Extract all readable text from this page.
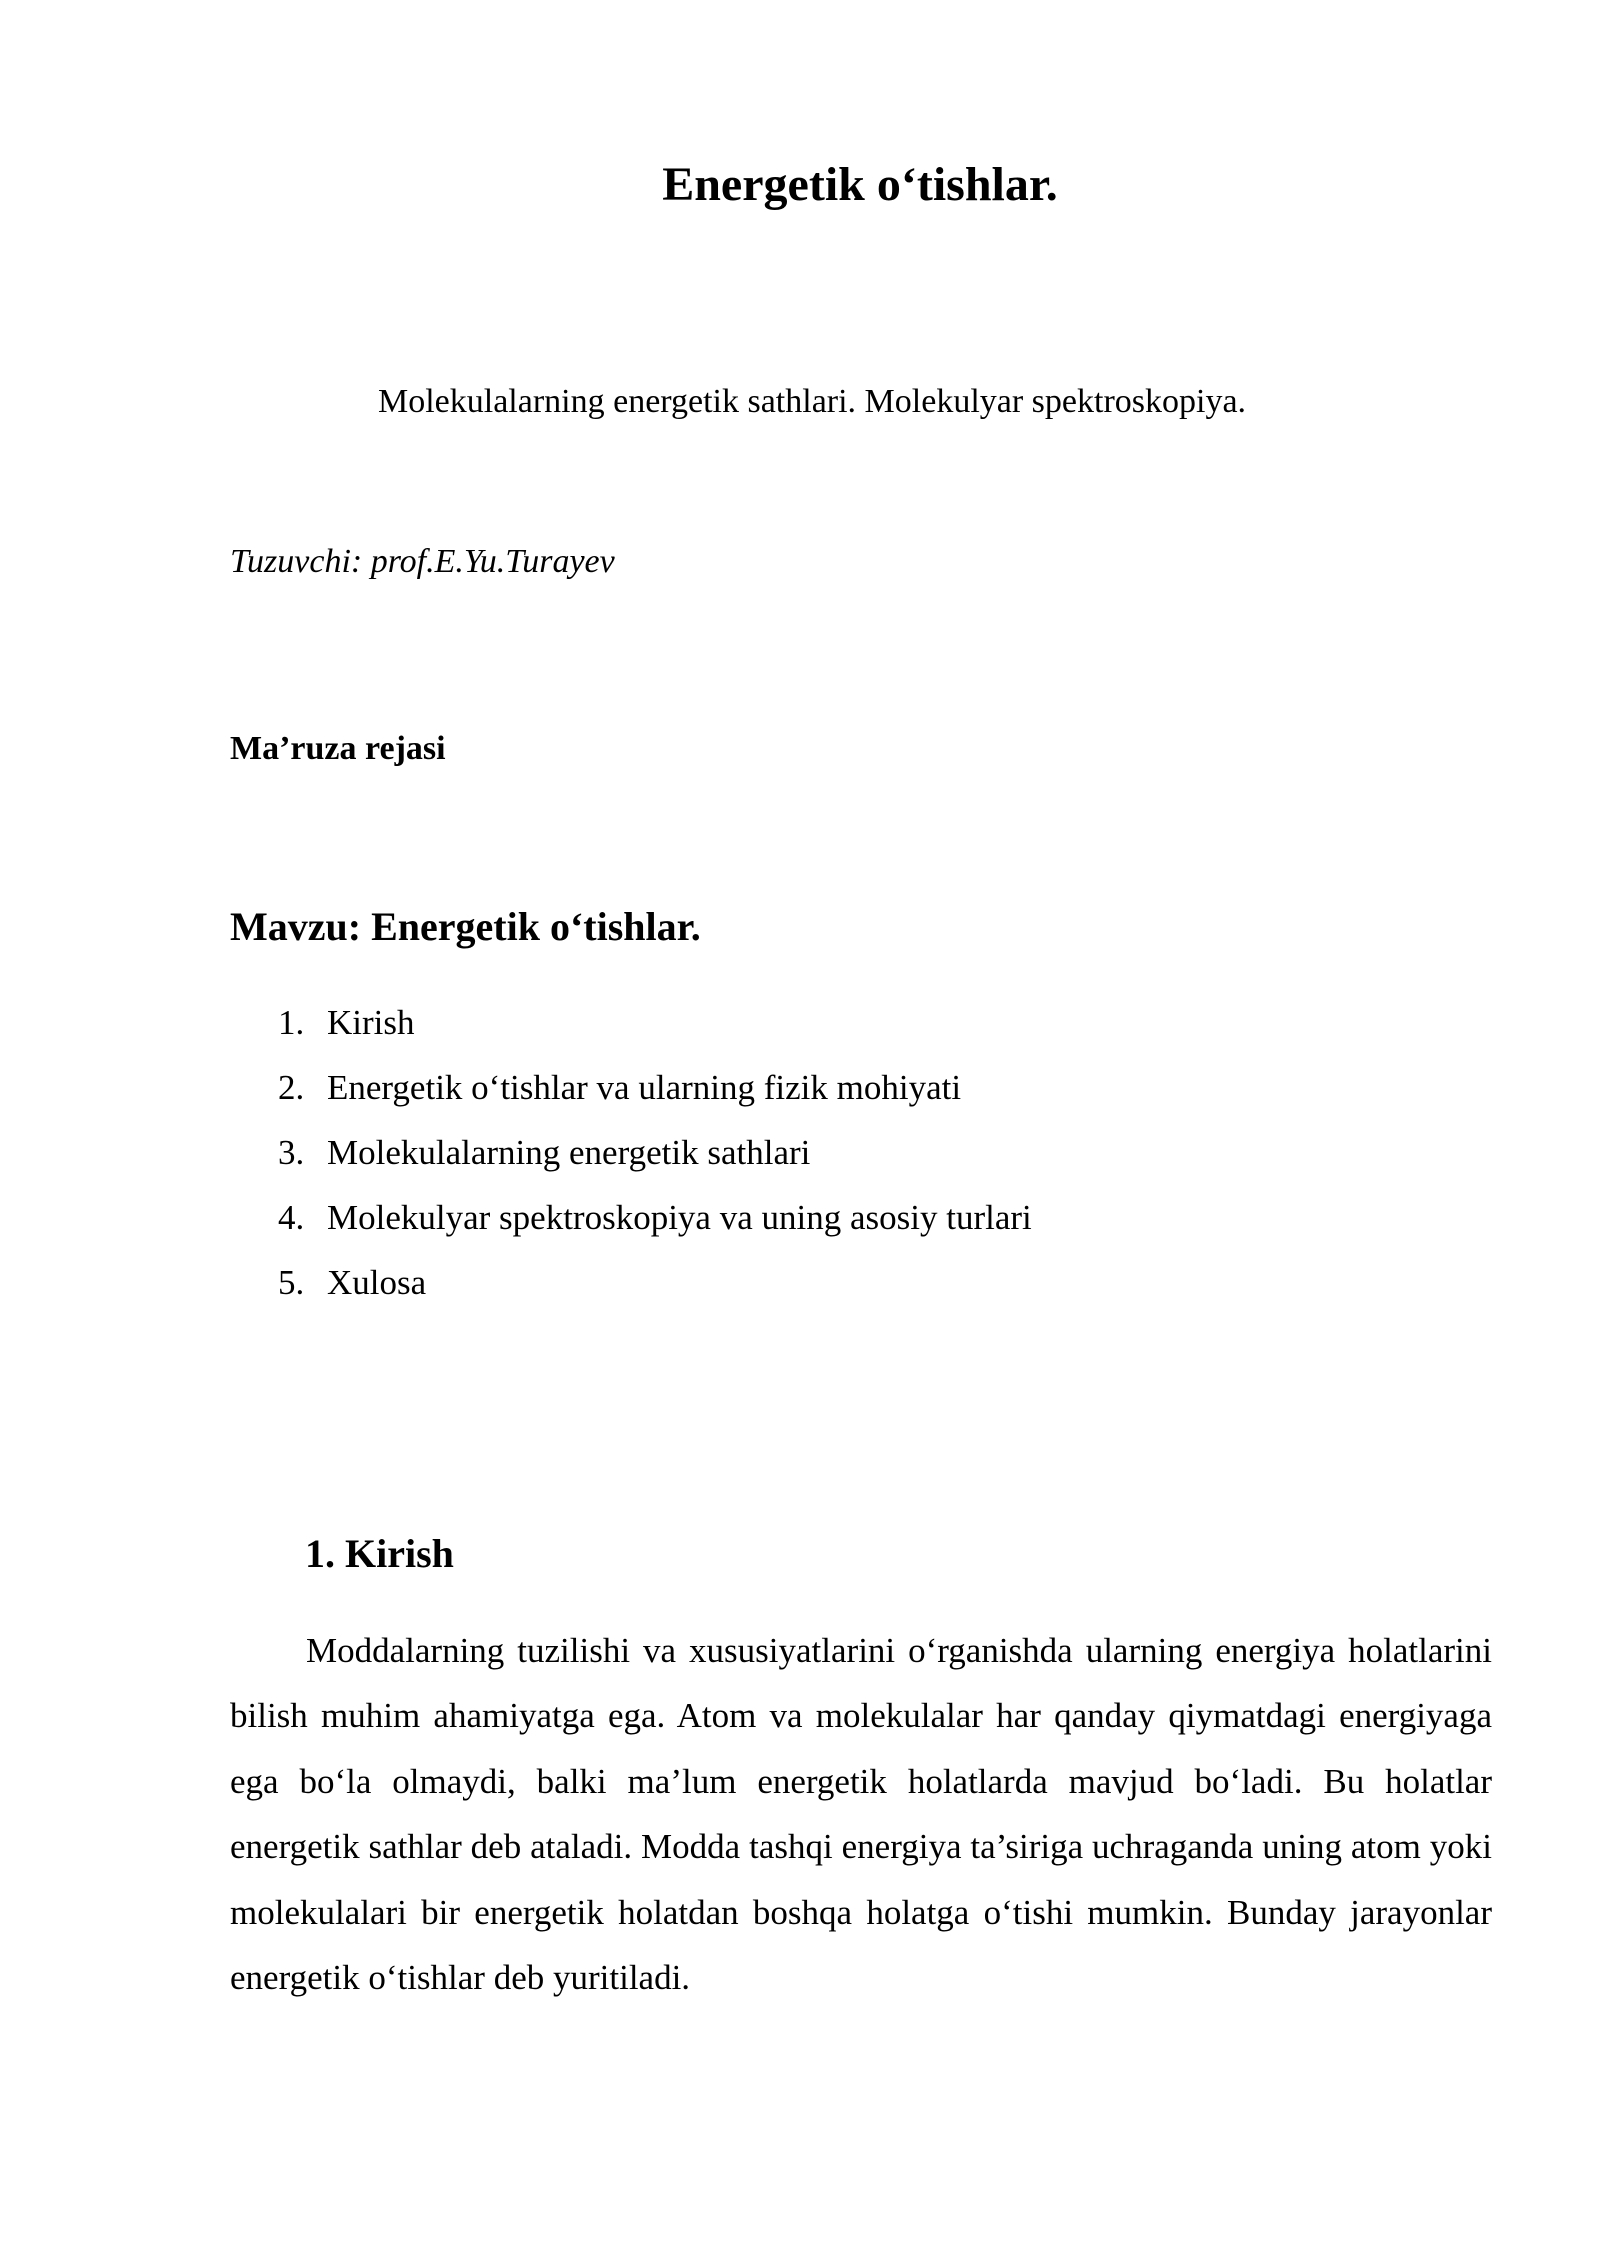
Energetik o‘tishlar.

Molekulalarning energetik sathlari. Molekulyar spektroskopiya.

Tuzuvchi: prof.E.Yu.Turayev

Ma’ruza rejasi

Mavzu: Energetik o‘tishlar.
1. Kirish
2. Energetik o‘tishlar va ularning fizik mohiyati
3. Molekulalarning energetik sathlari
4. Molekulyar spektroskopiya va uning asosiy turlari
5. Xulosa
1. Kirish

Moddalarning tuzilishi va xususiyatlarini o‘rganishda ularning energiya holatlarini bilish muhim ahamiyatga ega. Atom va molekulalar har qanday qiymatdagi energiyaga ega bo‘la olmaydi, balki ma’lum energetik holatlarda mavjud bo‘ladi. Bu holatlar energetik sathlar deb ataladi. Modda tashqi energiya ta’siriga uchraganda uning atom yoki molekulalari bir energetik holatdan boshqa holatga o‘tishi mumkin. Bunday jarayonlar energetik o‘tishlar deb yuritiladi.
